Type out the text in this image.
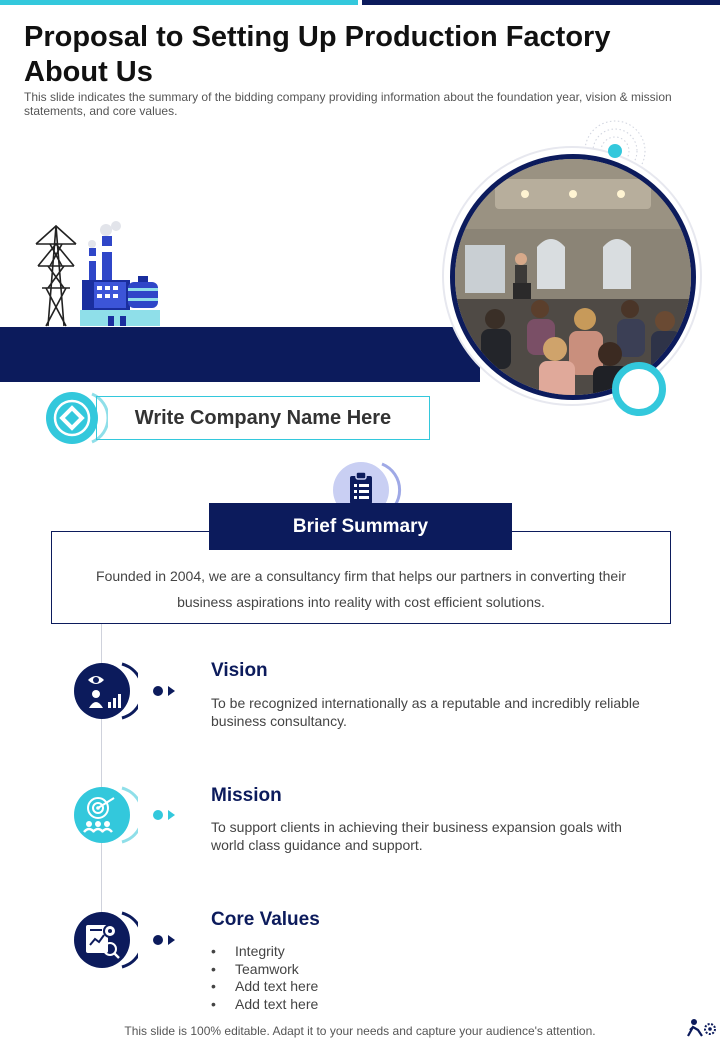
Proposal to Setting Up Production Factory About Us
This slide indicates the summary of the bidding company providing information about the foundation year, vision & mission statements, and core values.
Write Company Name Here
Brief Summary
Founded in 2004, we are a consultancy firm that helps our partners in converting their business aspirations into reality with cost efficient solutions.
Vision
To be recognized internationally as a reputable and incredibly reliable business consultancy.
Mission
To support clients in achieving their business expansion goals with world class guidance and support.
Core Values
• Integrity
• Teamwork
• Add text here
• Add text here
This slide is 100% editable. Adapt it to your needs and capture your audience's attention.
